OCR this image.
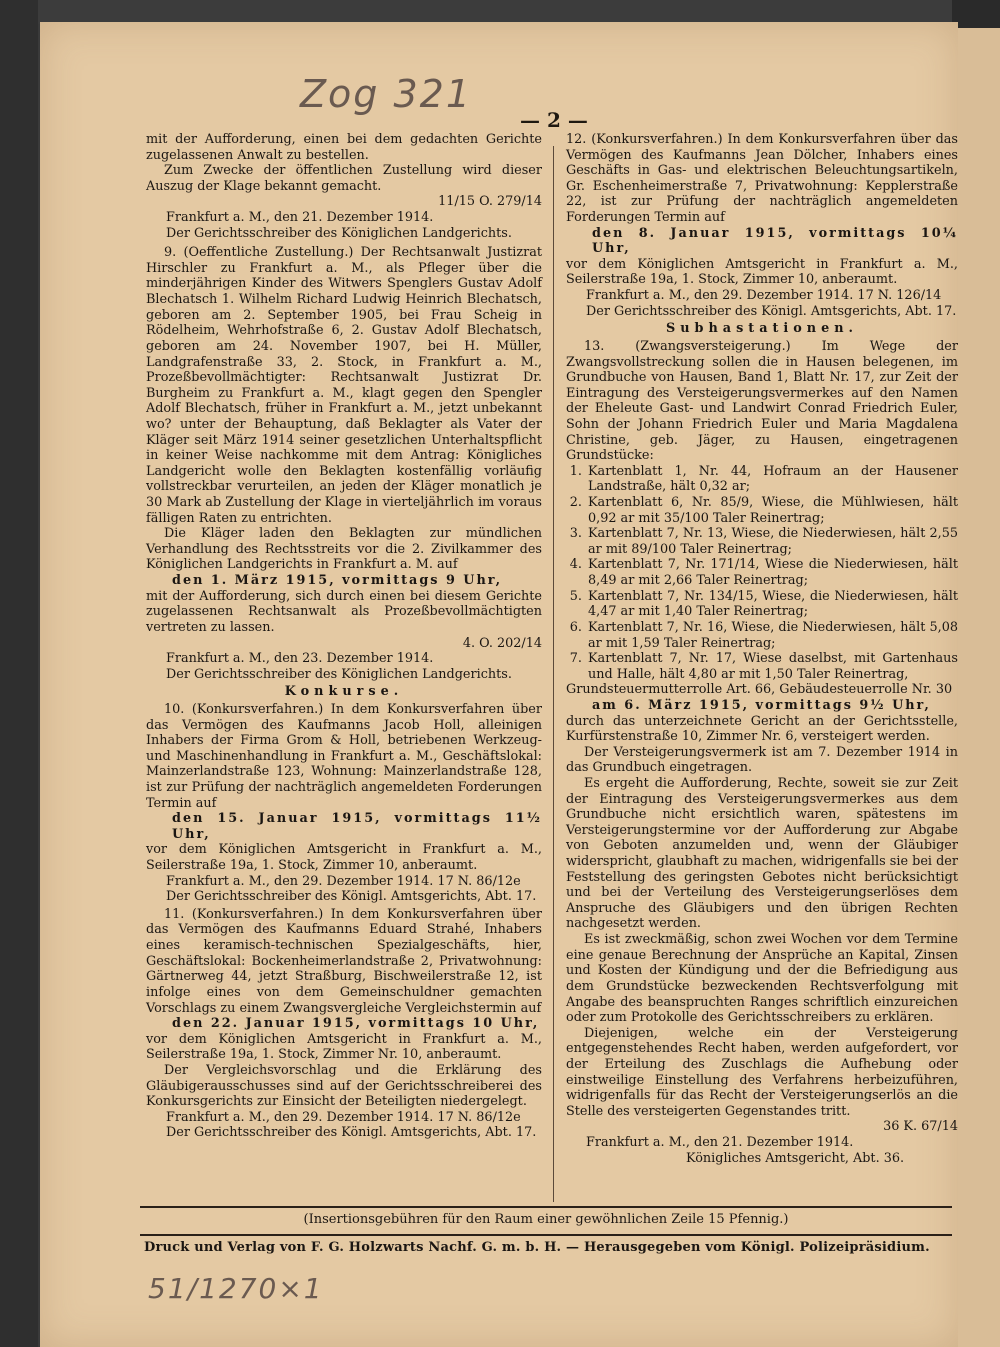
Zog 321
— 2 —

mit der Aufforderung, einen bei dem gedachten Gerichte zugelassenen Anwalt zu bestellen.

Zum Zwecke der öffentlichen Zustellung wird dieser Auszug der Klage bekannt gemacht.

11/15 O. 279/14

Frankfurt a. M., den 21. Dezember 1914.

Der Gerichtsschreiber des Königlichen Landgerichts.

9. (Oeffentliche Zustellung.) Der Rechtsanwalt Justizrat Hirschler zu Frankfurt a. M., als Pfleger über die minderjährigen Kinder des Witwers Spenglers Gustav Adolf Blechatsch 1. Wilhelm Richard Ludwig Heinrich Blechatsch, geboren am 2. September 1905, bei Frau Scheig in Rödelheim, Wehrhofstraße 6, 2. Gustav Adolf Blechatsch, geboren am 24. November 1907, bei H. Müller, Landgrafenstraße 33, 2. Stock, in Frankfurt a. M., Prozeßbevollmächtigter: Rechtsanwalt Justizrat Dr. Burgheim zu Frankfurt a. M., klagt gegen den Spengler Adolf Blechatsch, früher in Frankfurt a. M., jetzt unbekannt wo? unter der Behauptung, daß Beklagter als Vater der Kläger seit März 1914 seiner gesetzlichen Unterhaltspflicht in keiner Weise nachkomme mit dem Antrag: Königliches Landgericht wolle den Beklagten kostenfällig vorläufig vollstreckbar verurteilen, an jeden der Kläger monatlich je 30 Mark ab Zustellung der Klage in vierteljährlich im voraus fälligen Raten zu entrichten.

Die Kläger laden den Beklagten zur mündlichen Verhandlung des Rechtsstreits vor die 2. Zivilkammer des Königlichen Landgerichts in Frankfurt a. M. auf

den 1. März 1915, vormittags 9 Uhr,

mit der Aufforderung, sich durch einen bei diesem Gerichte zugelassenen Rechtsanwalt als Prozeßbevollmächtigten vertreten zu lassen.

4. O. 202/14

Frankfurt a. M., den 23. Dezember 1914.

Der Gerichtsschreiber des Königlichen Landgerichts.

Konkurse.

10. (Konkursverfahren.) In dem Konkursverfahren über das Vermögen des Kaufmanns Jacob Holl, alleinigen Inhabers der Firma Grom & Holl, betriebenen Werkzeug- und Maschinenhandlung in Frankfurt a. M., Geschäftslokal: Mainzerlandstraße 123, Wohnung: Mainzerlandstraße 128, ist zur Prüfung der nachträglich angemeldeten Forderungen Termin auf

den 15. Januar 1915, vormittags 11½ Uhr,

vor dem Königlichen Amtsgericht in Frankfurt a. M., Seilerstraße 19a, 1. Stock, Zimmer 10, anberaumt.

Frankfurt a. M., den 29. Dezember 1914. 17 N. 86/12e

Der Gerichtsschreiber des Königl. Amtsgerichts, Abt. 17.

11. (Konkursverfahren.) In dem Konkursverfahren über das Vermögen des Kaufmanns Eduard Strahé, Inhabers eines keramisch-technischen Spezialgeschäfts, hier, Geschäftslokal: Bockenheimerlandstraße 2, Privatwohnung: Gärtnerweg 44, jetzt Straßburg, Bischweilerstraße 12, ist infolge eines von dem Gemeinschuldner gemachten Vorschlags zu einem Zwangsvergleiche Vergleichstermin auf

den 22. Januar 1915, vormittags 10 Uhr,

vor dem Königlichen Amtsgericht in Frankfurt a. M., Seilerstraße 19a, 1. Stock, Zimmer Nr. 10, anberaumt.

Der Vergleichsvorschlag und die Erklärung des Gläubigerausschusses sind auf der Gerichtsschreiberei des Konkursgerichts zur Einsicht der Beteiligten niedergelegt.

Frankfurt a. M., den 29. Dezember 1914. 17 N. 86/12e

Der Gerichtsschreiber des Königl. Amtsgerichts, Abt. 17.

12. (Konkursverfahren.) In dem Konkursverfahren über das Vermögen des Kaufmanns Jean Dölcher, Inhabers eines Geschäfts in Gas- und elektrischen Beleuchtungsartikeln, Gr. Eschenheimerstraße 7, Privatwohnung: Kepplerstraße 22, ist zur Prüfung der nachträglich angemeldeten Forderungen Termin auf

den 8. Januar 1915, vormittags 10¼ Uhr,

vor dem Königlichen Amtsgericht in Frankfurt a. M., Seilerstraße 19a, 1. Stock, Zimmer 10, anberaumt.

Frankfurt a. M., den 29. Dezember 1914. 17 N. 126/14

Der Gerichtsschreiber des Königl. Amtsgerichts, Abt. 17.

Subhastationen.

13. (Zwangsversteigerung.) Im Wege der Zwangsvollstreckung sollen die in Hausen belegenen, im Grundbuche von Hausen, Band 1, Blatt Nr. 17, zur Zeit der Eintragung des Versteigerungsvermerkes auf den Namen der Eheleute Gast- und Landwirt Conrad Friedrich Euler, Sohn der Johann Friedrich Euler und Maria Magdalena Christine, geb. Jäger, zu Hausen, eingetragenen Grundstücke:

1. Kartenblatt 1, Nr. 44, Hofraum an der Hausener Landstraße, hält 0,32 ar;
2. Kartenblatt 6, Nr. 85/9, Wiese, die Mühlwiesen, hält 0,92 ar mit 35/100 Taler Reinertrag;
3. Kartenblatt 7, Nr. 13, Wiese, die Niederwiesen, hält 2,55 ar mit 89/100 Taler Reinertrag;
4. Kartenblatt 7, Nr. 171/14, Wiese die Niederwiesen, hält 8,49 ar mit 2,66 Taler Reinertrag;
5. Kartenblatt 7, Nr. 134/15, Wiese, die Niederwiesen, hält 4,47 ar mit 1,40 Taler Reinertrag;
6. Kartenblatt 7, Nr. 16, Wiese, die Niederwiesen, hält 5,08 ar mit 1,59 Taler Reinertrag;
7. Kartenblatt 7, Nr. 17, Wiese daselbst, mit Gartenhaus und Halle, hält 4,80 ar mit 1,50 Taler Reinertrag,

Grundsteuermutterrolle Art. 66, Gebäudesteuerrolle Nr. 30

am 6. März 1915, vormittags 9½ Uhr,

durch das unterzeichnete Gericht an der Gerichtsstelle, Kurfürstenstraße 10, Zimmer Nr. 6, versteigert werden.

Der Versteigerungsvermerk ist am 7. Dezember 1914 in das Grundbuch eingetragen.

Es ergeht die Aufforderung, Rechte, soweit sie zur Zeit der Eintragung des Versteigerungsvermerkes aus dem Grundbuche nicht ersichtlich waren, spätestens im Versteigerungstermine vor der Aufforderung zur Abgabe von Geboten anzumelden und, wenn der Gläubiger widerspricht, glaubhaft zu machen, widrigenfalls sie bei der Feststellung des geringsten Gebotes nicht berücksichtigt und bei der Verteilung des Versteigerungserlöses dem Anspruche des Gläubigers und den übrigen Rechten nachgesetzt werden.

Es ist zweckmäßig, schon zwei Wochen vor dem Termine eine genaue Berechnung der Ansprüche an Kapital, Zinsen und Kosten der Kündigung und der die Befriedigung aus dem Grundstücke bezweckenden Rechtsverfolgung mit Angabe des beanspruchten Ranges schriftlich einzureichen oder zum Protokolle des Gerichtsschreibers zu erklären.

Diejenigen, welche ein der Versteigerung entgegenstehendes Recht haben, werden aufgefordert, vor der Erteilung des Zuschlags die Aufhebung oder einstweilige Einstellung des Verfahrens herbeizuführen, widrigenfalls für das Recht der Versteigerungserlös an die Stelle des versteigerten Gegenstandes tritt.

36 K. 67/14

Frankfurt a. M., den 21. Dezember 1914.

Königliches Amtsgericht, Abt. 36.

(Insertionsgebühren für den Raum einer gewöhnlichen Zeile 15 Pfennig.)
Druck und Verlag von F. G. Holzwarts Nachf. G. m. b. H. — Herausgegeben vom Königl. Polizeipräsidium.
51/1270×1
